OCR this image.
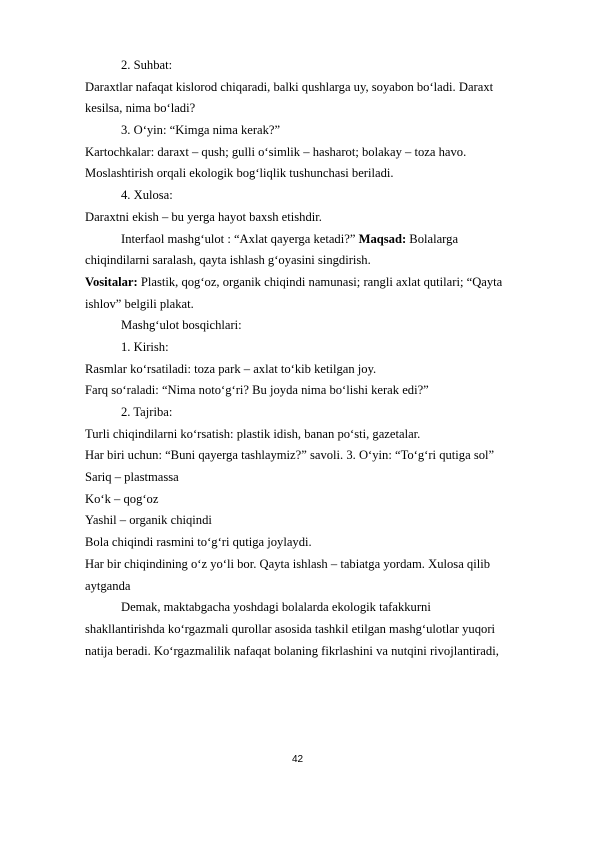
2. Suhbat:
Daraxtlar nafaqat kislorod chiqaradi, balki qushlarga uy, soyabon bo‘ladi. Daraxt
kesilsa, nima bo‘ladi?
3. O‘yin: “Kimga nima kerak?”
Kartochkalar: daraxt – qush; gulli o‘simlik – hasharot; bolakay – toza havo.
Moslashtirish orqali ekologik bog‘liqlik tushunchasi beriladi.
4. Xulosa:
Daraxtni ekish – bu yerga hayot baxsh etishdir.
Interfaol mashg‘ulot : “Axlat qayerga ketadi?” Maqsad: Bolalarga
chiqindilarni saralash, qayta ishlash g‘oyasini singdirish.
Vositalar: Plastik, qog‘oz, organik chiqindi namunasi; rangli axlat qutilari; “Qayta
ishlov” belgili plakat.
Mashg‘ulot bosqichlari:
1. Kirish:
Rasmlar ko‘rsatiladi: toza park – axlat to‘kib ketilgan joy.
Farq so‘raladi: “Nima noto‘g‘ri? Bu joyda nima bo‘lishi kerak edi?”
2. Tajriba:
Turli chiqindilarni ko‘rsatish: plastik idish, banan po‘sti, gazetalar.
Har biri uchun: “Buni qayerga tashlaymiz?” savoli. 3. O‘yin: “To‘g‘ri qutiga sol”
Sariq – plastmassa
Ko‘k – qog‘oz
Yashil – organik chiqindi
Bola chiqindi rasmini to‘g‘ri qutiga joylaydi.
Har bir chiqindining o‘z yo‘li bor. Qayta ishlash – tabiatga yordam. Xulosa qilib
aytganda
Demak, maktabgacha yoshdagi bolalarda ekologik tafakkurni
shakllantirishda ko‘rgazmali qurollar asosida tashkil etilgan mashg‘ulotlar yuqori
natija beradi. Ko‘rgazmalilik nafaqat bolaning fikrlashini va nutqini rivojlantiradi,
42
